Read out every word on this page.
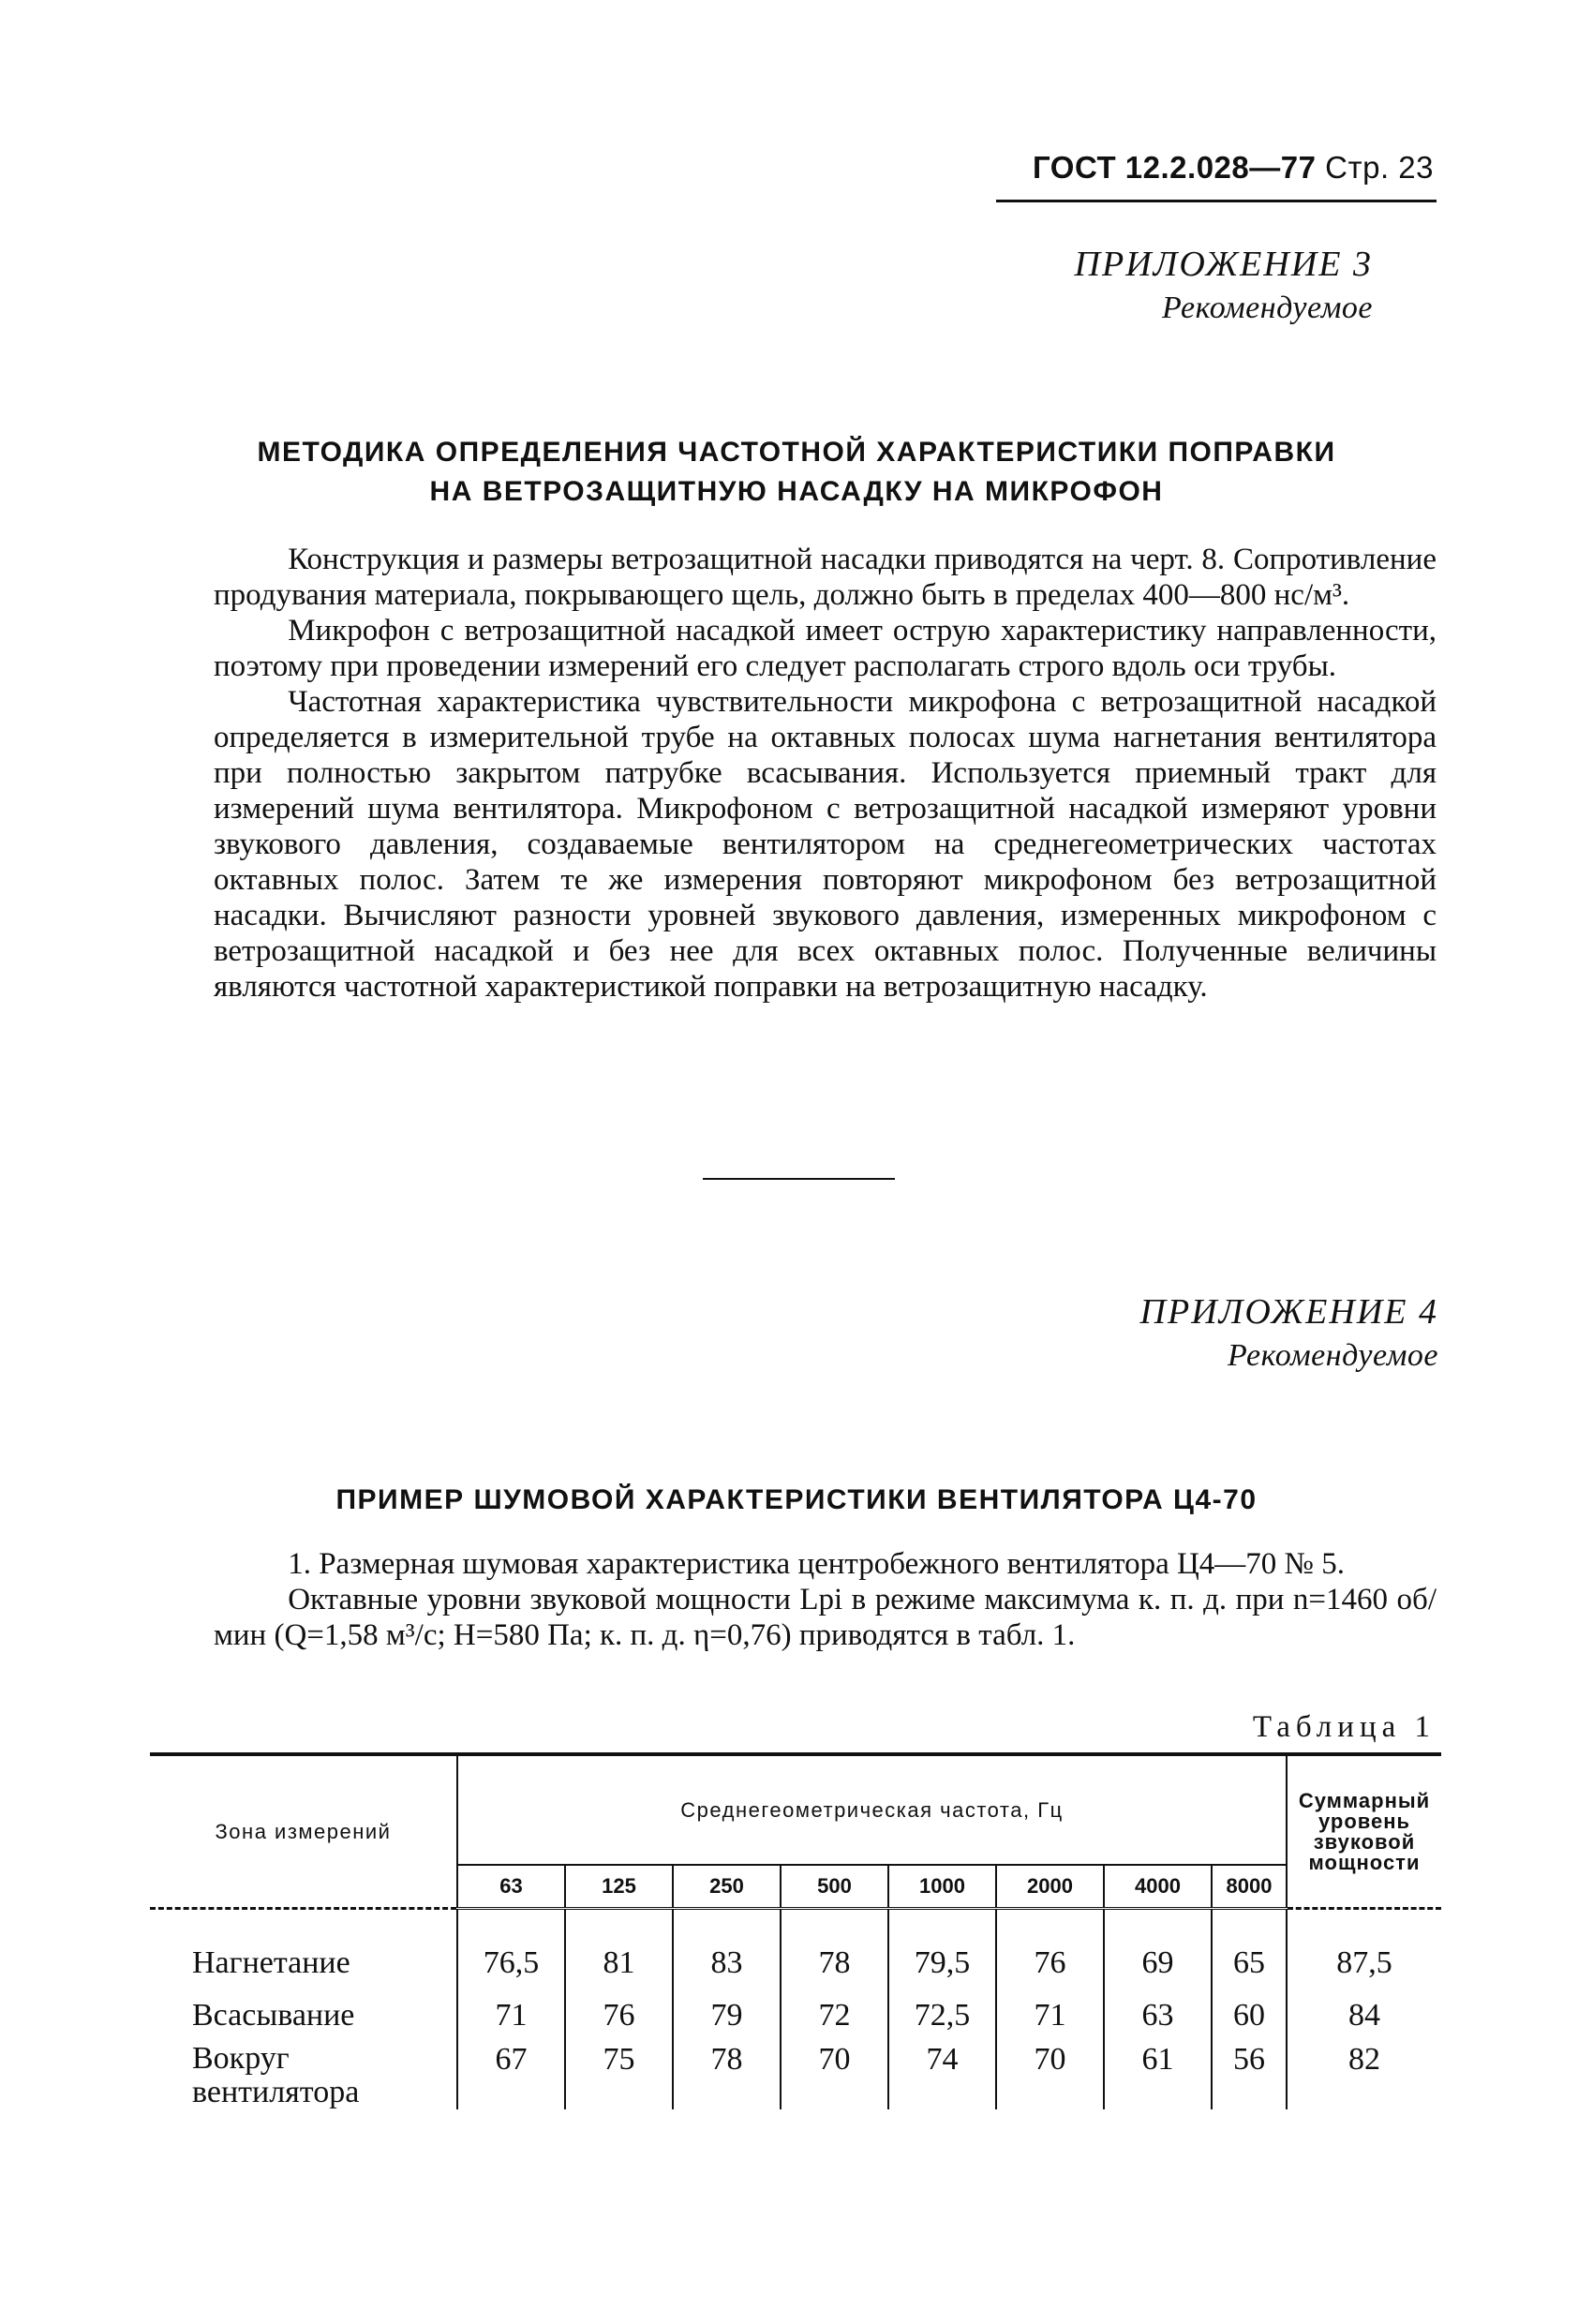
ГОСТ 12.2.028—77 Стр. 23
ПРИЛОЖЕНИЕ 3
Рекомендуемое
МЕТОДИКА ОПРЕДЕЛЕНИЯ ЧАСТОТНОЙ ХАРАКТЕРИСТИКИ ПОПРАВКИ
НА ВЕТРОЗАЩИТНУЮ НАСАДКУ НА МИКРОФОН

Конструкция и размеры ветрозащитной насадки приводятся на черт. 8. Сопротивление продувания материала, покрывающего щель, должно быть в пределах 400—800 нс/м³.

Микрофон с ветрозащитной насадкой имеет острую характеристику направленности, поэтому при проведении измерений его следует располагать строго вдоль оси трубы.

Частотная характеристика чувствительности микрофона с ветрозащитной насадкой определяется в измерительной трубе на октавных полосах шума нагнетания вентилятора при полностью закрытом патрубке всасывания. Используется приемный тракт для измерений шума вентилятора. Микрофоном с ветрозащитной насадкой измеряют уровни звукового давления, создаваемые вентилятором на среднегеометрических частотах октавных полос. Затем те же измерения повторяют микрофоном без ветрозащитной насадки. Вычисляют разности уровней звукового давления, измеренных микрофоном с ветрозащитной насадкой и без нее для всех октавных полос. Полученные величины являются частотной характеристикой поправки на ветрозащитную насадку.

ПРИЛОЖЕНИЕ 4
Рекомендуемое
ПРИМЕР ШУМОВОЙ ХАРАКТЕРИСТИКИ ВЕНТИЛЯТОРА Ц4-70

1. Размерная шумовая характеристика центробежного вентилятора Ц4—70 № 5.

Октавные уровни звуковой мощности Lpi в режиме максимума к. п. д. при n=1460 об/мин (Q=1,58 м³/с; H=580 Па; к. п. д. η=0,76) приводятся в табл. 1.

Таблица 1
Зона измерений	Среднегеометрическая частота, Гц								Суммарный уровень звуковой мощности
	63	125	250	500	1000	2000	4000	8000	

Нагнетание	76,5	81	83	78	79,5	76	69	65	87,5
Всасывание	71	76	79	72	72,5	71	63	60	84
Вокруг вентилятора	67	75	78	70	74	70	61	56	82
